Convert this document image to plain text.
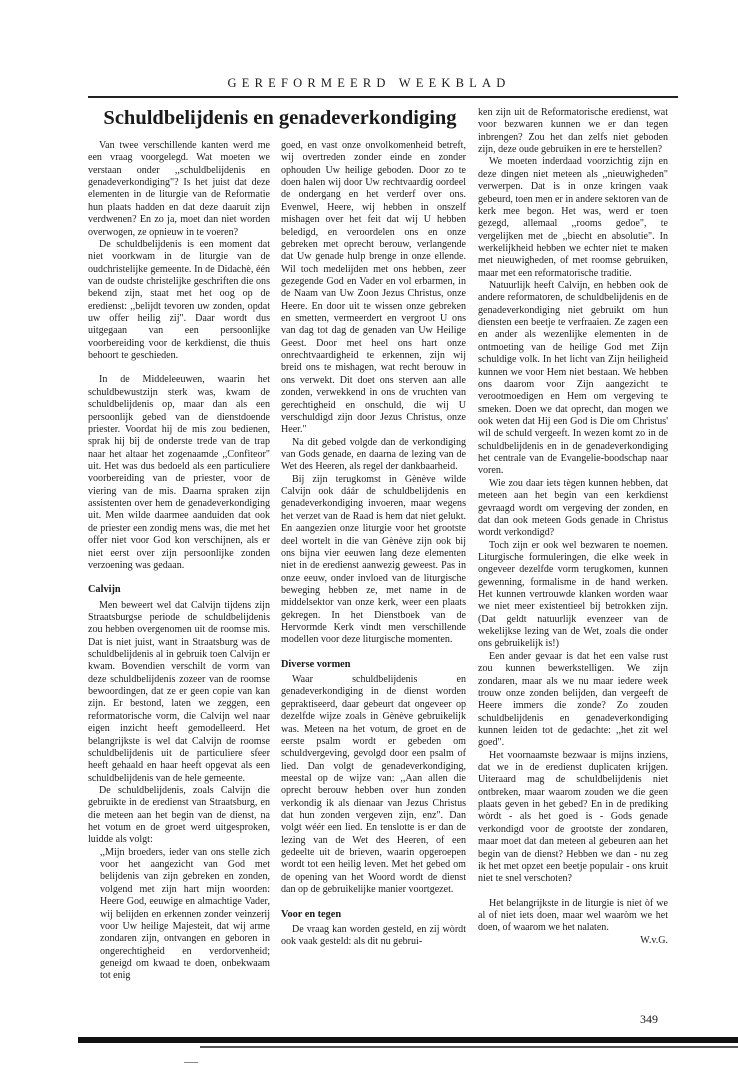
GEREFORMEERD WEEKBLAD
Schuldbelijdenis en genadeverkondiging

Van twee verschillende kanten werd me een vraag voorgelegd. Wat moeten we verstaan onder ,,schuldbelijdenis en genadeverkondiging"? Is het juist dat deze elementen in de liturgie van de Reformatie hun plaats hadden en dat deze daaruit zijn verdwenen? En zo ja, moet dan niet worden overwogen, ze opnieuw in te voeren?

De schuldbelijdenis is een moment dat niet voorkwam in de liturgie van de oudchristelijke gemeente. In de Didachè, één van de oudste christelijke geschriften die ons bekend zijn, staat met het oog op de eredienst: ,,belijdt tevoren uw zonden, opdat uw offer heilig zij". Daar wordt dus uitgegaan van een persoonlijke voorbereiding voor de kerkdienst, die thuis behoort te geschieden.

In de Middeleeuwen, waarin het schuldbewustzijn sterk was, kwam de schuldbelijdenis op, maar dan als een persoonlijk gebed van de dienstdoende priester. Voordat hij de mis zou bedienen, sprak hij bij de onderste trede van de trap naar het altaar het zogenaamde ,,Confiteor" uit. Het was dus bedoeld als een particuliere voorbereiding van de priester, voor de viering van de mis. Daarna spraken zijn assistenten over hem de genadeverkondiging uit. Men wilde daarmee aanduiden dat ook de priester een zondig mens was, die met het offer niet voor God kon verschijnen, als er niet eerst over zijn persoonlijke zonden verzoening was gedaan.

Calvijn

Men beweert wel dat Calvijn tijdens zijn Straatsburgse periode de schuldbelijdenis zou hebben overgenomen uit de roomse mis. Dat is niet juist, want in Straatsburg was de schuldbelijdenis al in gebruik toen Calvijn er kwam. Bovendien verschilt de vorm van deze schuldbelijdenis zozeer van de roomse bewoordingen, dat ze er geen copie van kan zijn. Er bestond, laten we zeggen, een reformatorische vorm, die Calvijn wel naar eigen inzicht heeft gemodelleerd. Het belangrijkste is wel dat Calvijn de roomse schuldbelijdenis uit de particuliere sfeer heeft gehaald en haar heeft opgevat als een schuldbelijdenis van de hele gemeente.

De schuldbelijdenis, zoals Calvijn die gebruikte in de eredienst van Straatsburg, en die meteen aan het begin van de dienst, na het votum en de groet werd uitgesproken, luidde als volgt:

,,Mijn broeders, ieder van ons stelle zich voor het aangezicht van God met belijdenis van zijn gebreken en zonden, volgend met zijn hart mijn woorden: Heere God, eeuwige en almachtige Vader, wij belijden en erkennen zonder veinzerij voor Uw heilige Majesteit, dat wij arme zondaren zijn, ontvangen en geboren in ongerechtigheid en verdorvenheid; geneigd om kwaad te doen, onbekwaam tot enig
goed, en vast onze onvolkomenheid betreft, wij overtreden zonder einde en zonder ophouden Uw heilige geboden. Door zo te doen halen wij door Uw rechtvaardig oordeel de ondergang en het verderf over ons. Evenwel, Heere, wij hebben in onszelf mishagen over het feit dat wij U hebben beledigd, en veroordelen ons en onze gebreken met oprecht berouw, verlangende dat Uw genade hulp brenge in onze ellende. Wil toch medelijden met ons hebben, zeer gezegende God en Vader en vol erbarmen, in de Naam van Uw Zoon Jezus Christus, onze Heere. En door uit te wissen onze gebreken en smetten, vermeerdert en vergroot U ons van dag tot dag de genaden van Uw Heilige Geest. Door met heel ons hart onze onrechtvaardigheid te erkennen, zijn wij breid ons te mishagen, wat recht berouw in ons verwekt. Dit doet ons sterven aan alle zonden, verwekkend in ons de vruchten van gerechtigheid en onschuld, die wij U verschuldigd zijn door Jezus Christus, onze Heer."

Na dit gebed volgde dan de verkondiging van Gods genade, en daarna de lezing van de Wet des Heeren, als regel der dankbaarheid.

Bij zijn terugkomst in Gènève wilde Calvijn ook dáár de schuldbelijdenis en genadeverkondiging invoeren, maar wegens het verzet van de Raad is hem dat niet gelukt. En aangezien onze liturgie voor het grootste deel wortelt in die van Gènève zijn ook bij ons bijna vier eeuwen lang deze elementen niet in de eredienst aanwezig geweest. Pas in onze eeuw, onder invloed van de liturgische beweging hebben ze, met name in de middelsektor van onze kerk, weer een plaats gekregen. In het Dienstboek van de Hervormde Kerk vindt men verschillende modellen voor deze liturgische momenten.

Diverse vormen

Waar schuldbelijdenis en genadeverkondiging in de dienst worden gepraktiseerd, daar gebeurt dat ongeveer op dezelfde wijze zoals in Gènève gebruikelijk was. Meteen na het votum, de groet en de eerste psalm wordt er gebeden om schuldvergeving, gevolgd door een psalm of lied. Dan volgt de genadeverkondiging, meestal op de wijze van: ,,Aan allen die oprecht berouw hebben over hun zonden verkondig ik als dienaar van Jezus Christus dat hun zonden vergeven zijn, enz". Dan volgt wéér een lied. En tenslotte is er dan de lezing van de Wet des Heeren, of een gedeelte uit de brieven, waarin opgeroepen wordt tot een heilig leven. Met het gebed om de opening van het Woord wordt de dienst dan op de gebruikelijke manier voortgezet.

Voor en tegen

De vraag kan worden gesteld, en zij wòrdt ook vaak gesteld: als dit nu gebrui-

ken zijn uit de Reformatorische eredienst, wat voor bezwaren kunnen we er dan tegen inbrengen? Zou het dan zelfs niet geboden zijn, deze oude gebruiken in ere te herstellen?

We moeten inderdaad voorzichtig zijn en deze dingen niet meteen als ,,nieuwigheden" verwerpen. Dat is in onze kringen vaak gebeurd, toen men er in andere sektoren van de kerk mee begon. Het was, werd er toen gezegd, allemaal ,,rooms gedoe", te vergelijken met de ,,biecht en absolutie". In werkelijkheid hebben we echter niet te maken met nieuwigheden, of met roomse gebruiken, maar met een reformatorische traditie.

Natuurlijk heeft Calvijn, en hebben ook de andere reformatoren, de schuldbelijdenis en de genadeverkondiging niet gebruikt om hun diensten een beetje te verfraaien. Ze zagen een en ander als wezenlijke elementen in de ontmoeting van de heilige God met Zijn schuldige volk. In het licht van Zijn heiligheid kunnen we voor Hem niet bestaan. We hebben ons daarom voor Zijn aangezicht te verootmoedigen en Hem om vergeving te smeken. Doen we dat oprecht, dan mogen we ook weten dat Hij een God is Die om Christus' wil de schuld vergeeft. In wezen komt zo in de schuldbelijdenis en in de genadeverkondiging het centrale van de Evangelie-boodschap naar voren.

Wie zou daar iets tègen kunnen hebben, dat meteen aan het begin van een kerkdienst gevraagd wordt om vergeving der zonden, en dat dan ook meteen Gods genade in Christus wordt verkondigd?

Toch zijn er ook wel bezwaren te noemen. Liturgische formuleringen, die elke week in ongeveer dezelfde vorm terugkomen, kunnen gewenning, formalisme in de hand werken. Het kunnen vertrouwde klanken worden waar we niet meer existentieel bij betrokken zijn. (Dat geldt natuurlijk evenzeer van de wekelijkse lezing van de Wet, zoals die onder ons gebruikelijk is!)

Een ander gevaar is dat het een valse rust zou kunnen bewerkstelligen. We zijn zondaren, maar als we nu maar iedere week trouw onze zonden belijden, dan vergeeft de Heere immers die zonde? Zo zouden schuldbelijdenis en genadeverkondiging kunnen leiden tot de gedachte: ,,het zit wel goed".

Het voornaamste bezwaar is mijns inziens, dat we in de eredienst duplicaten krijgen. Uiteraard mag de schuldbelijdenis niet ontbreken, maar waarom zouden we die geen plaats geven in het gebed? En in de prediking wòrdt - als het goed is - Gods genade verkondigd voor de grootste der zondaren, maar moet dat dan meteen al gebeuren aan het begin van de dienst? Hebben we dan - nu zeg ik het met opzet een beetje populair - ons kruit niet te snel verschoten?

Het belangrijkste in de liturgie is niet òf we al of niet iets doen, maar wel waaròm we het doen, of waarom we het nalaten.

W.v.G.

349
